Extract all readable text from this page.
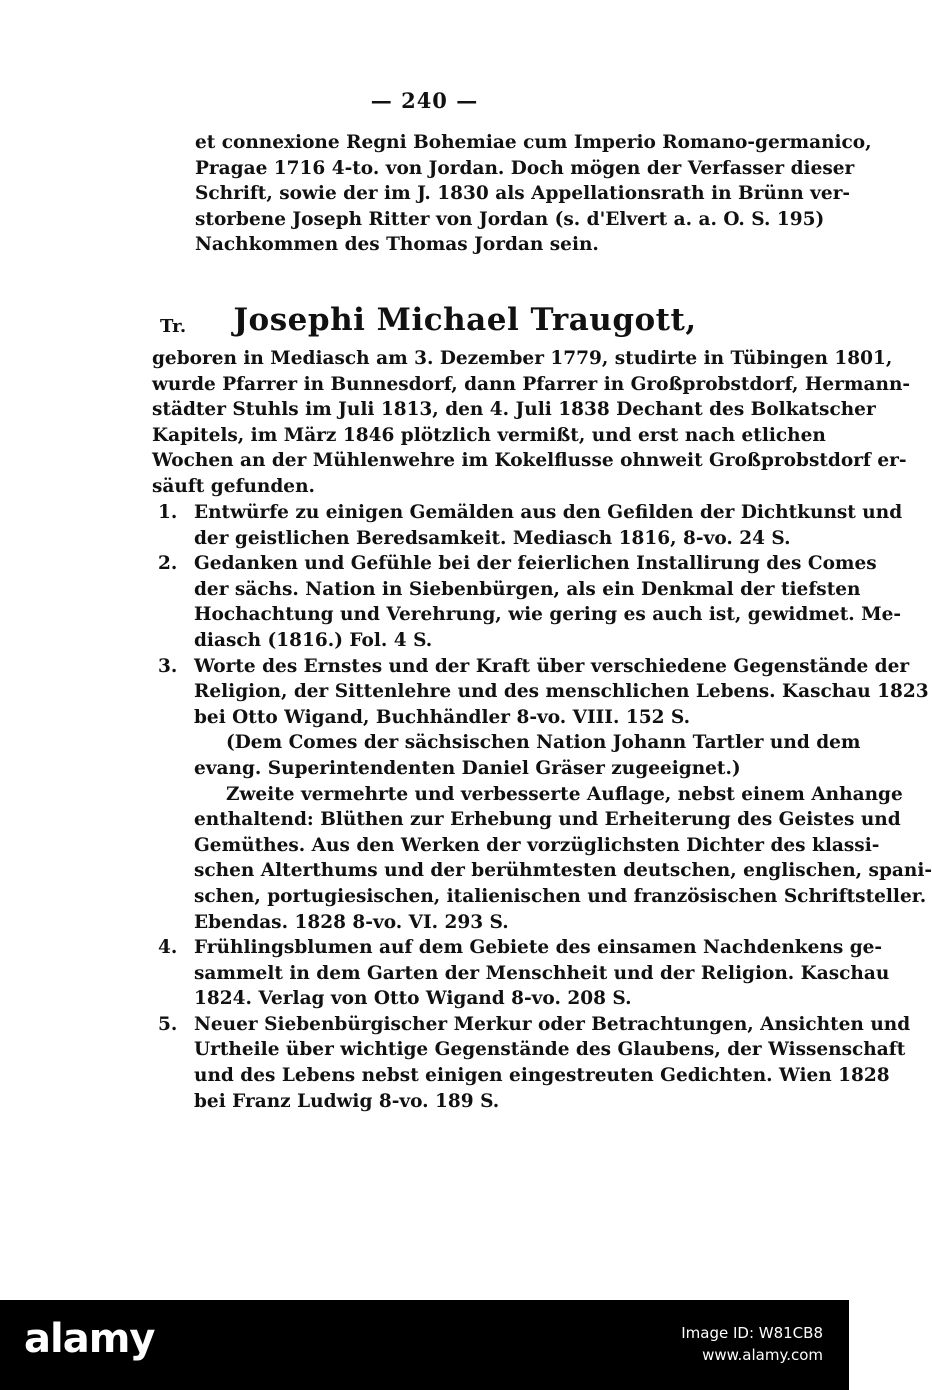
— 240 —
et connexione Regni Bohemiae cum Imperio Romano-germanico,
Pragae 1716 4-to. von Jordan. Doch mögen der Verfasser dieser
Schrift, sowie der im J. 1830 als Appellationsrath in Brünn ver-
storbene Joseph Ritter von Jordan (s. d'Elvert a. a. O. S. 195)
Nachkommen des Thomas Jordan sein.
Tr.	Josephi Michael Traugott,
geboren in Mediasch am 3. Dezember 1779, studirte in Tübingen 1801,
wurde Pfarrer in Bunnesdorf, dann Pfarrer in Großprobstdorf, Hermann-
städter Stuhls im Juli 1813, den 4. Juli 1838 Dechant des Bolkatscher
Kapitels, im März 1846 plötzlich vermißt, und erst nach etlichen
Wochen an der Mühlenwehre im Kokelflusse ohnweit Großprobstdorf er-
säuft gefunden.
1. Entwürfe zu einigen Gemälden aus den Gefilden der Dichtkunst und
der geistlichen Beredsamkeit. Mediasch 1816, 8-vo. 24 S.
2. Gedanken und Gefühle bei der feierlichen Installirung des Comes
der sächs. Nation in Siebenbürgen, als ein Denkmal der tiefsten
Hochachtung und Verehrung, wie gering es auch ist, gewidmet. Me-
diasch (1816.) Fol. 4 S.
3. Worte des Ernstes und der Kraft über verschiedene Gegenstände der
Religion, der Sittenlehre und des menschlichen Lebens. Kaschau 1823
bei Otto Wigand, Buchhändler 8-vo. VIII. 152 S.
(Dem Comes der sächsischen Nation Johann Tartler und dem
evang. Superintendenten Daniel Gräser zugeeignet.)
Zweite vermehrte und verbesserte Auflage, nebst einem Anhange
enthaltend: Blüthen zur Erhebung und Erheiterung des Geistes und
Gemüthes. Aus den Werken der vorzüglichsten Dichter des klassi-
schen Alterthums und der berühmtesten deutschen, englischen, spani-
schen, portugiesischen, italienischen und französischen Schriftsteller.
Ebendas. 1828 8-vo. VI. 293 S.
4. Frühlingsblumen auf dem Gebiete des einsamen Nachdenkens ge-
sammelt in dem Garten der Menschheit und der Religion. Kaschau
1824. Verlag von Otto Wigand 8-vo. 208 S.
5. Neuer Siebenbürgischer Merkur oder Betrachtungen, Ansichten und
Urtheile über wichtige Gegenstände des Glaubens, der Wissenschaft
und des Lebens nebst einigen eingestreuten Gedichten. Wien 1828
bei Franz Ludwig 8-vo. 189 S.
alamy	Image ID: W81CB8
www.alamy.com
